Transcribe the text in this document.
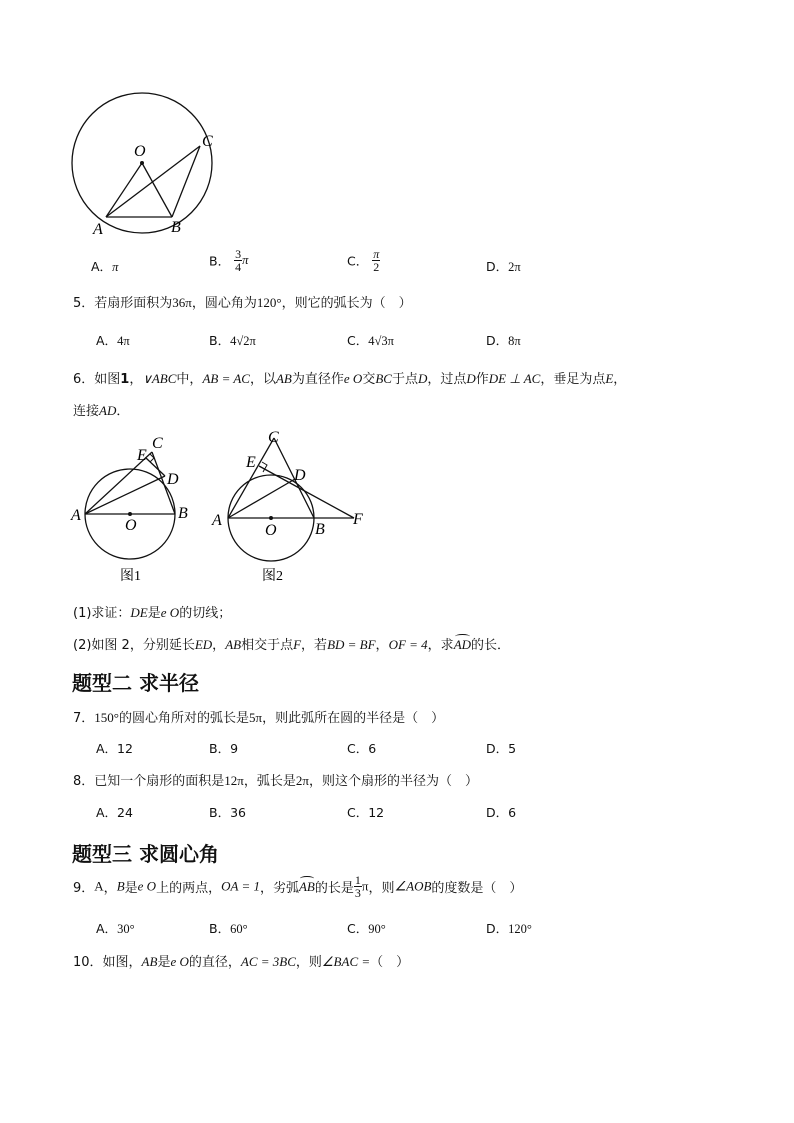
O
A	B
C
A．π	B． $\frac{3}{4}$ π	C． $\frac{\pi}{2}$	D．2π
5．若扇形面积为36π，圆心角为120°，则它的弧长为（　）
A．4π	B．4√2π	C．4√3π	D．8π
6．如图1，∨ABC中，AB = AC，以AB为直径作e O交BC于点D，过点D作DE ⊥ AC，垂足为点E，
连接AD．
A	B
C
D
E
O
图1
A
B
C
D
E
O
F
图2
(1)求证：DE是e O的切线；
(2)如图 2，分别延长ED，AB相交于点F，若BD = BF，OF = 4，求AD的长．
题型二 求半径
7．150°的圆心角所对的弧长是5π，则此弧所在圆的半径是（　）
A．12	B．9	C．6	D．5
8．已知一个扇形的面积是12π，弧长是2π，则这个扇形的半径为（　）
A．24	B．36	C．12	D．6
题型三 求圆心角
9．A，B是e O上的两点，OA = 1，劣弧AB的长是 $\frac{1}{3}$ π，则∠AOB的度数是（　）
A．30°	B．60°	C．90°	D．120°
10．如图，AB是e O的直径，AC = 3BC，则∠BAC =（　）
